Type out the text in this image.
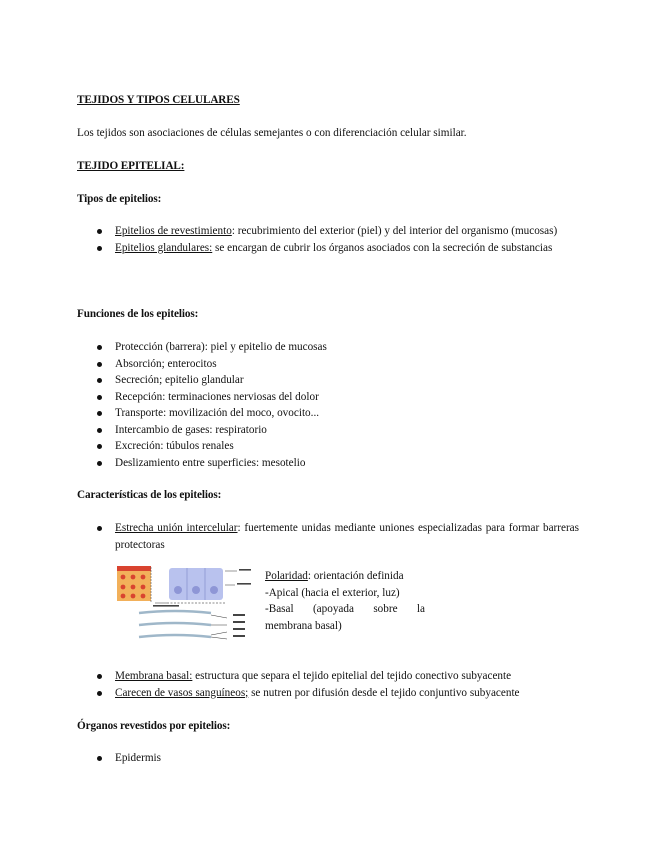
TEJIDOS Y TIPOS CELULARES
Los tejidos son asociaciones de células semejantes o con diferenciación celular similar.
TEJIDO EPITELIAL:
Tipos de epitelios:
Epitelios de revestimiento: recubrimiento del exterior (piel) y del interior del organismo (mucosas)
Epitelios glandulares: se encargan de cubrir los órganos asociados con la secreción de substancias
Funciones de los epitelios:
Protección (barrera): piel y epitelio de mucosas
Absorción; enterocitos
Secreción; epitelio glandular
Recepción: terminaciones nerviosas del dolor
Transporte: movilización del moco, ovocito...
Intercambio de gases: respiratorio
Excreción: túbulos renales
Deslizamiento entre superficies: mesotelio
Características de los epitelios:
Estrecha unión intercelular: fuertemente unidas mediante uniones especializadas para formar barreras protectoras
Membrana basal: estructura que separa el tejido epitelial del tejido conectivo subyacente
Carecen de vasos sanguíneos; se nutren por difusión desde el tejido conjuntivo subyacente
Órganos revestidos por epitelios:
Epidermis
Polaridad: orientación definida
-Apical (hacia el exterior, luz)
-Basal (apoyada sobre la membrana basal)
